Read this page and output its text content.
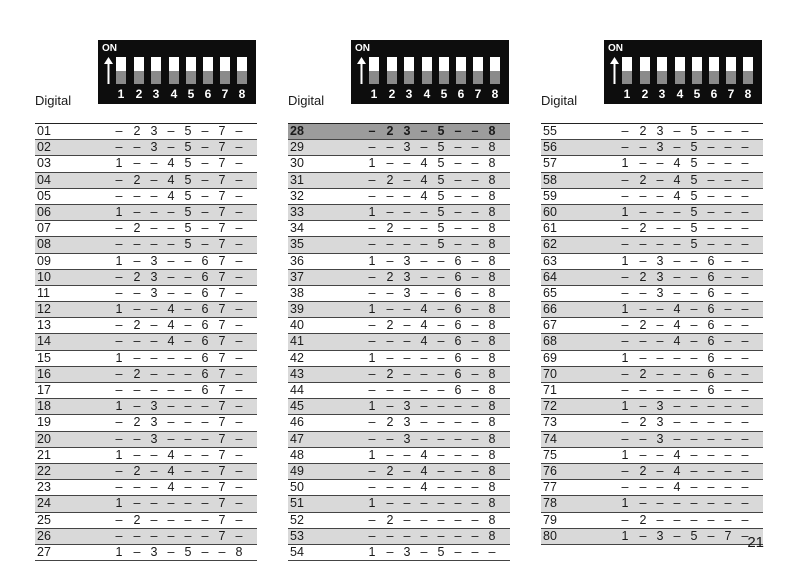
ON
1 2 3 4 5 6 7 8
Digital
01	– 2 3 – 5 – 7 –
02	– – 3 – 5 – 7 –
03	1 – – 4 5 – 7 –
04	– 2 – 4 5 – 7 –
05	– – – 4 5 – 7 –
06	1 – – – 5 – 7 –
07	– 2 – – 5 – 7 –
08	– – – – 5 – 7 –
09	1 – 3 – – 6 7 –
10	– 2 3 – – 6 7 –
11	– – 3 – – 6 7 –
12	1 – – 4 – 6 7 –
13	– 2 – 4 – 6 7 –
14	– – – 4 – 6 7 –
15	1 – – – – 6 7 –
16	– 2 – – – 6 7 –
17	– – – – – 6 7 –
18	1 – 3 – – – 7 –
19	– 2 3 – – – 7 –
20	– – 3 – – – 7 –
21	1 – – 4 – – 7 –
22	– 2 – 4 – – 7 –
23	– – – 4 – – 7 –
24	1 – – – – – 7 –
25	– 2 – – – – 7 –
26	– – – – – – 7 –
27	1 – 3 – 5 – – 8
ON
1 2 3 4 5 6 7 8
Digital
28	– 2 3 – 5 – – 8
29	– – 3 – 5 – – 8
30	1 – – 4 5 – – 8
31	– 2 – 4 5 – – 8
32	– – – 4 5 – – 8
33	1 – – – 5 – – 8
34	– 2 – – 5 – – 8
35	– – – – 5 – – 8
36	1 – 3 – – 6 – 8
37	– 2 3 – – 6 – 8
38	– – 3 – – 6 – 8
39	1 – – 4 – 6 – 8
40	– 2 – 4 – 6 – 8
41	– – – 4 – 6 – 8
42	1 – – – – 6 – 8
43	– 2 – – – 6 – 8
44	– – – – – 6 – 8
45	1 – 3 – – – – 8
46	– 2 3 – – – – 8
47	– – 3 – – – – 8
48	1 – – 4 – – – 8
49	– 2 – 4 – – – 8
50	– – – 4 – – – 8
51	1 – – – – – – 8
52	– 2 – – – – – 8
53	– – – – – – – 8
54	1 – 3 – 5 – – –
ON
1 2 3 4 5 6 7 8
Digital
55	– 2 3 – 5 – – –
56	– – 3 – 5 – – –
57	1 – – 4 5 – – –
58	– 2 – 4 5 – – –
59	– – – 4 5 – – –
60	1 – – – 5 – – –
61	– 2 – – 5 – – –
62	– – – – 5 – – –
63	1 – 3 – – 6 – –
64	– 2 3 – – 6 – –
65	– – 3 – – 6 – –
66	1 – – 4 – 6 – –
67	– 2 – 4 – 6 – –
68	– – – 4 – 6 – –
69	1 – – – – 6 – –
70	– 2 – – – 6 – –
71	– – – – – 6 – –
72	1 – 3 – – – – –
73	– 2 3 – – – – –
74	– – 3 – – – – –
75	1 – – 4 – – – –
76	– 2 – 4 – – – –
77	– – – 4 – – – –
78	1 – – – – – – –
79	– 2 – – – – – –
80	1 – 3 – 5 – 7 –
21
